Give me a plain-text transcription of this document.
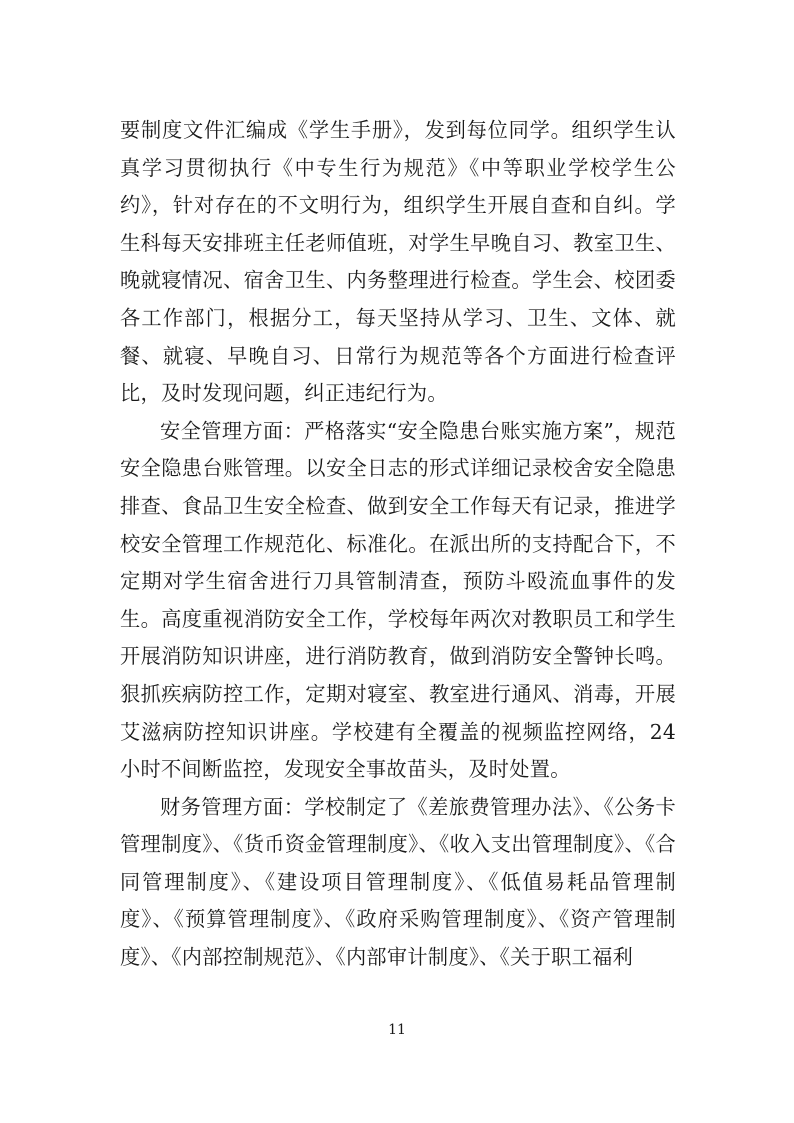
要制度文件汇编成《学生手册》，发到每位同学。组织学生认真学习贯彻执行《中专生行为规范》《中等职业学校学生公约》，针对存在的不文明行为，组织学生开展自查和自纠。学生科每天安排班主任老师值班，对学生早晚自习、教室卫生、晚就寝情况、宿舍卫生、内务整理进行检查。学生会、校团委各工作部门，根据分工，每天坚持从学习、卫生、文体、就餐、就寝、早晚自习、日常行为规范等各个方面进行检查评比，及时发现问题，纠正违纪行为。

安全管理方面：严格落实“安全隐患台账实施方案”，规范安全隐患台账管理。以安全日志的形式详细记录校舍安全隐患排查、食品卫生安全检查、做到安全工作每天有记录，推进学校安全管理工作规范化、标准化。在派出所的支持配合下，不定期对学生宿舍进行刀具管制清查，预防斗殴流血事件的发生。高度重视消防安全工作，学校每年两次对教职员工和学生开展消防知识讲座，进行消防教育，做到消防安全警钟长鸣。狠抓疾病防控工作，定期对寝室、教室进行通风、消毒，开展艾滋病防控知识讲座。学校建有全覆盖的视频监控网络，24小时不间断监控，发现安全事故苗头，及时处置。

财务管理方面：学校制定了《差旅费管理办法》、《公务卡管理制度》、《货币资金管理制度》、《收入支出管理制度》、《合同管理制度》、《建设项目管理制度》、《低值易耗品管理制度》、《预算管理制度》、《政府采购管理制度》、《资产管理制度》、《内部控制规范》、《内部审计制度》、《关于职工福利

11
